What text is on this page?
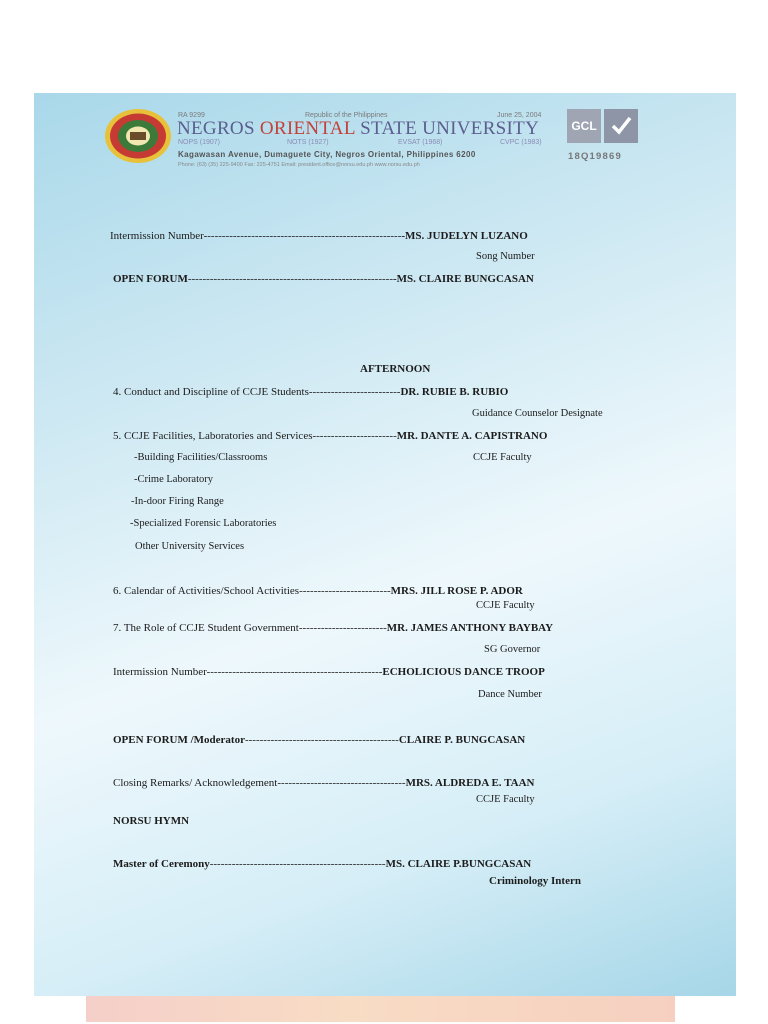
RA 9299	Republic of the Philippines	June 25, 2004
NEGROS ORIENTAL STATE UNIVERSITY
NOPS (1907)	NOTS (1927)	EVSAT (1968)	CVPC (1983)
Kagawasan Avenue, Dumaguete City, Negros Oriental, Philippines 6200
Phone: (63) (35) 225-9400 Fax: 225-4751 Email: president.office@norsu.edu.ph www.norsu.edu.ph
GCL
18Q19869
Intermission Number-------------------------------------------------------MS. JUDELYN LUZANO
Song Number
OPEN FORUM---------------------------------------------------------MS. CLAIRE BUNGCASAN
AFTERNOON
4. Conduct and Discipline of CCJE Students-------------------------DR. RUBIE B. RUBIO
Guidance Counselor Designate
5. CCJE Facilities, Laboratories and Services-----------------------MR. DANTE A. CAPISTRANO
CCJE Faculty
-Building Facilities/Classrooms
-Crime Laboratory
-In-door Firing Range
-Specialized Forensic Laboratories
Other University Services
6. Calendar of Activities/School Activities-------------------------MRS. JILL ROSE P. ADOR
CCJE Faculty
7. The Role of CCJE Student Government------------------------MR. JAMES ANTHONY BAYBAY
SG Governor
Intermission Number------------------------------------------------ECHOLICIOUS DANCE TROOP
Dance Number
OPEN FORUM /Moderator------------------------------------------CLAIRE P. BUNGCASAN
Closing Remarks/ Acknowledgement-----------------------------------MRS. ALDREDA E. TAAN
CCJE Faculty
NORSU HYMN
Master of Ceremony------------------------------------------------MS. CLAIRE P.BUNGCASAN
Criminology Intern
